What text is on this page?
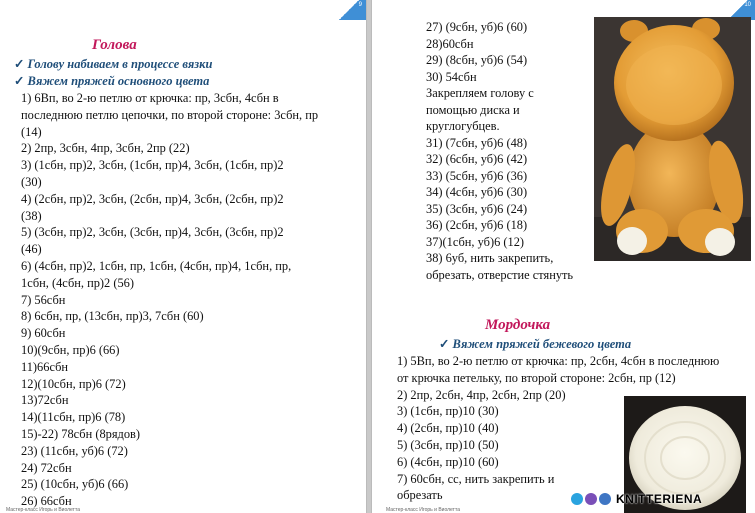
9
Голова
✓ Голову набиваем в процессе вязки
✓ Вяжем пряжей основного цвета
1) 6Вп, во 2-ю петлю от крючка: пр, 3сбн, 4сбн в
последнюю петлю цепочки, по второй стороне: 3сбн, пр
(14)
2) 2пр, 3сбн, 4пр, 3сбн, 2пр (22)
3) (1сбн, пр)2, 3сбн, (1сбн, пр)4, 3сбн, (1сбн, пр)2
(30)
4) (2сбн, пр)2, 3сбн, (2сбн, пр)4, 3сбн, (2сбн, пр)2
(38)
5) (3сбн, пр)2, 3сбн, (3сбн, пр)4, 3сбн, (3сбн, пр)2
(46)
6) (4сбн, пр)2, 1сбн, пр, 1сбн, (4сбн, пр)4, 1сбн, пр,
1сбн, (4сбн, пр)2 (56)
7) 56сбн
8) 6сбн, пр, (13сбн, пр)3, 7сбн (60)
9) 60сбн
10)(9сбн, пр)6 (66)
11)66сбн
12)(10сбн, пр)6 (72)
13)72сбн
14)(11сбн, пр)6 (78)
15)-22) 78сбн (8рядов)
23) (11сбн, уб)6 (72)
24) 72сбн
25) (10сбн, уб)6 (66)
26) 66сбн
Мастер-класс Игорь и Виолетта
10
27) (9сбн, уб)6 (60)
28)60сбн
29) (8сбн, уб)6 (54)
30) 54сбн
Закрепляем голову с
помощью диска и
круглогубцев.
31) (7сбн, уб)6 (48)
32) (6сбн, уб)6 (42)
33) (5сбн, уб)6 (36)
34) (4сбн, уб)6 (30)
35) (3сбн, уб)6 (24)
36) (2сбн, уб)6 (18)
37)(1сбн, уб)6 (12)
38) 6уб, нить закрепить,
обрезать, отверстие стянуть
Мордочка
✓ Вяжем пряжей бежевого цвета
1) 5Вп, во 2-ю петлю от крючка: пр, 2сбн, 4сбн в последнюю
от крючка петельку, по второй стороне: 2сбн, пр (12)
2) 2пр, 2сбн, 4пр, 2сбн, 2пр (20)
3) (1сбн, пр)10 (30)
4) (2сбн, пр)10 (40)
5) (3сбн, пр)10 (50)
6) (4сбн, пр)10 (60)
7) 60сбн, сс, нить закрепить и
обрезать
Мастер-класс Игорь и Виолетта
KNITTERIENA
